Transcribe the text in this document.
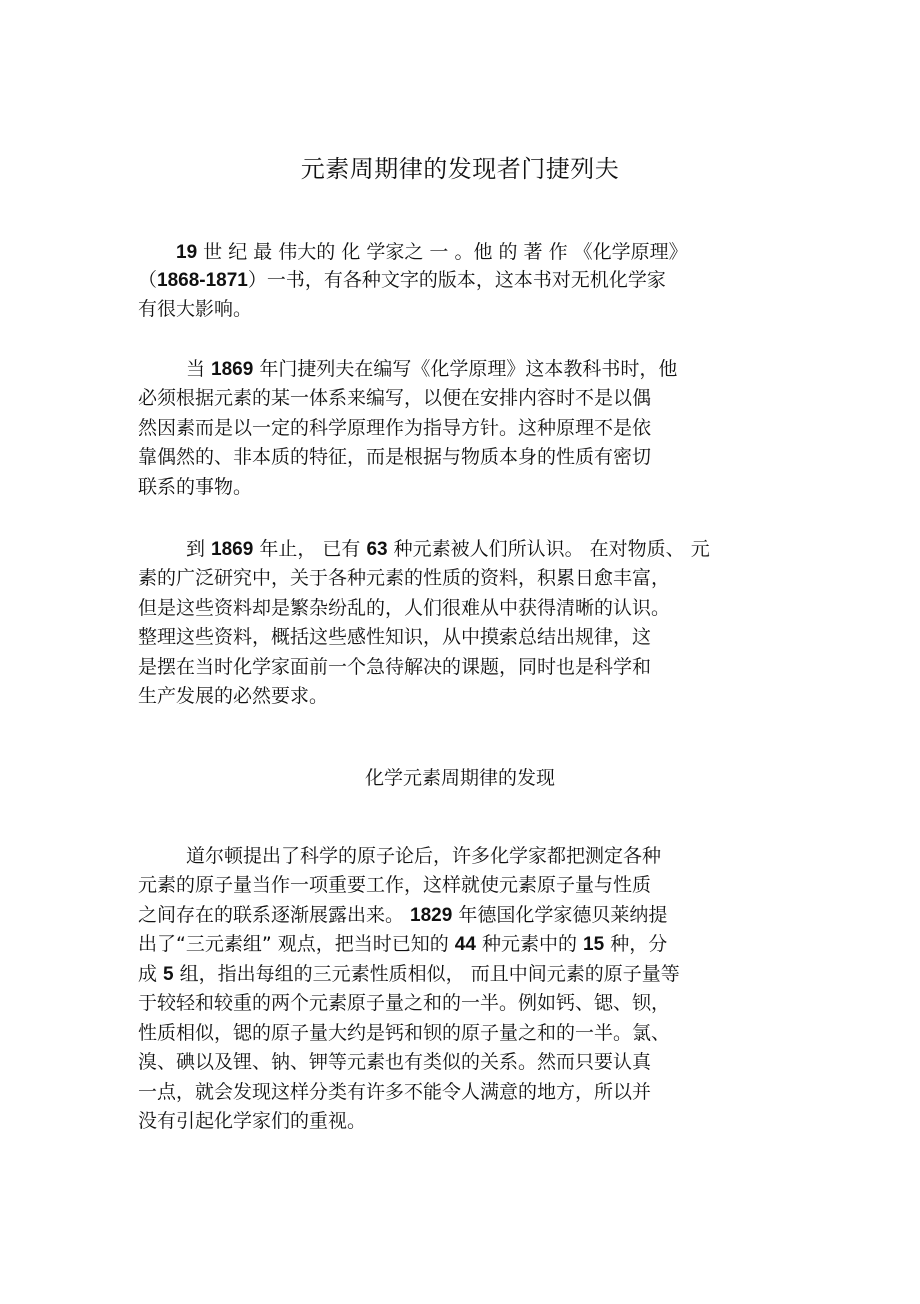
元素周期律的发现者门捷列夫
19 世 纪 最 伟大的 化 学家之 一 。他 的 著 作 《化学原理》
（1868-1871）一书，有各种文字的版本，这本书对无机化学家
有很大影响。
当 1869 年门捷列夫在编写《化学原理》这本教科书时，他
必须根据元素的某一体系来编写，以便在安排内容时不是以偶
然因素而是以一定的科学原理作为指导方针。这种原理不是依
靠偶然的、非本质的特征，而是根据与物质本身的性质有密切
联系的事物。
到 1869 年止， 已有 63 种元素被人们所认识。 在对物质、 元
素的广泛研究中，关于各种元素的性质的资料，积累日愈丰富，
但是这些资料却是繁杂纷乱的，人们很难从中获得清晰的认识。
整理这些资料，概括这些感性知识，从中摸索总结出规律，这
是摆在当时化学家面前一个急待解决的课题，同时也是科学和
生产发展的必然要求。
化学元素周期律的发现
道尔顿提出了科学的原子论后，许多化学家都把测定各种
元素的原子量当作一项重要工作，这样就使元素原子量与性质
之间存在的联系逐渐展露出来。 1829 年德国化学家德贝莱纳提
出了“三元素组” 观点，把当时已知的 44 种元素中的 15 种，分
成 5 组，指出每组的三元素性质相似， 而且中间元素的原子量等
于较轻和较重的两个元素原子量之和的一半。例如钙、锶、钡，
性质相似，锶的原子量大约是钙和钡的原子量之和的一半。氯、
溴、碘以及锂、钠、钾等元素也有类似的关系。然而只要认真
一点，就会发现这样分类有许多不能令人满意的地方，所以并
没有引起化学家们的重视。
